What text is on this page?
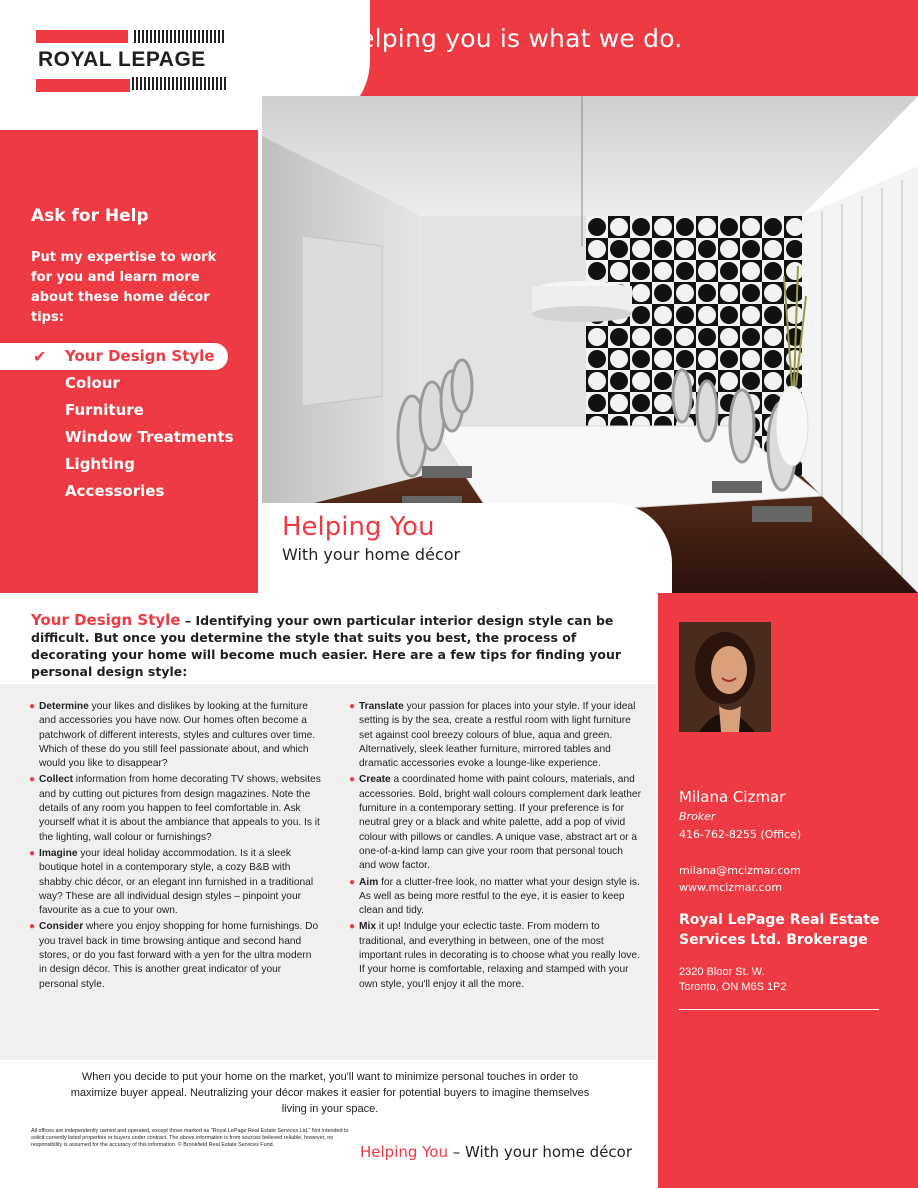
ROYAL LEPAGE
Helping you is what we do.
Ask for Help
Put my expertise to work for you and learn more about these home décor tips:
✔ Your Design Style
Colour
Furniture
Window Treatments
Lighting
Accessories
Helping You
With your home décor
Milana Cizmar
Broker
416-762-8255 (Office)
milana@mcizmar.com
www.mcizmar.com
Royal LePage Real Estate Services Ltd. Brokerage
2320 Bloor St. W.
Toronto, ON M6S 1P2
Your Design Style – Identifying your own particular interior design style can be difficult. But once you determine the style that suits you best, the process of decorating your home will become much easier. Here are a few tips for finding your personal design style:
● Determine your likes and dislikes by looking at the furniture and accessories you have now. Our homes often become a patchwork of different interests, styles and cultures over time. Which of these do you still feel passionate about, and which would you like to disappear?
● Collect information from home decorating TV shows, websites and by cutting out pictures from design magazines. Note the details of any room you happen to feel comfortable in. Ask yourself what it is about the ambiance that appeals to you. Is it the lighting, wall colour or furnishings?
● Imagine your ideal holiday accommodation. Is it a sleek boutique hotel in a contemporary style, a cozy B&B with shabby chic décor, or an elegant inn furnished in a traditional way? These are all individual design styles – pinpoint your favourite as a cue to your own.
● Consider where you enjoy shopping for home furnishings. Do you travel back in time browsing antique and second hand stores, or do you fast forward with a yen for the ultra modern in design décor. This is another great indicator of your personal style.
● Translate your passion for places into your style. If your ideal setting is by the sea, create a restful room with light furniture set against cool breezy colours of blue, aqua and green. Alternatively, sleek leather furniture, mirrored tables and dramatic accessories evoke a lounge-like experience.
● Create a coordinated home with paint colours, materials, and accessories. Bold, bright wall colours complement dark leather furniture in a contemporary setting. If your preference is for neutral grey or a black and white palette, add a pop of vivid colour with pillows or candles. A unique vase, abstract art or a one-of-a-kind lamp can give your room that personal touch and wow factor.
● Aim for a clutter-free look, no matter what your design style is. As well as being more restful to the eye, it is easier to keep clean and tidy.
● Mix it up! Indulge your eclectic taste. From modern to traditional, and everything in between, one of the most important rules in decorating is to choose what you really love. If your home is comfortable, relaxing and stamped with your own style, you'll enjoy it all the more.
When you decide to put your home on the market, you'll want to minimize personal touches in order to maximize buyer appeal. Neutralizing your décor makes it easier for potential buyers to imagine themselves living in your space.
All offices are independently owned and operated, except those marked as "Royal LePage Real Estate Services Ltd." Not intended to solicit currently listed properties or buyers under contract. The above information is from sources believed reliable, however, no responsibility is assumed for the accuracy of this information. © Brookfield Real Estate Services Fund.	Helping You – With your home décor
